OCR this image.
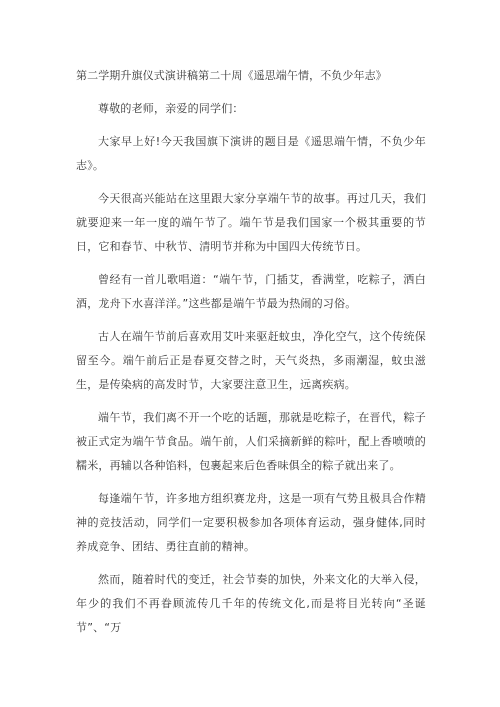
第二学期升旗仪式演讲稿第二十周《遥思端午情，不负少年志》

尊敬的老师，亲爱的同学们：

大家早上好!今天我国旗下演讲的题目是《遥思端午情，不负少年志》。

今天很高兴能站在这里跟大家分享端午节的故事。再过几天，我们就要迎来一年一度的端午节了。端午节是我们国家一个极其重要的节日，它和春节、中秋节、清明节并称为中国四大传统节日。

曾经有一首儿歌唱道：“端午节，门插艾，香满堂，吃粽子，洒白酒，龙舟下水喜洋洋。”这些都是端午节最为热闹的习俗。

古人在端午节前后喜欢用艾叶来驱赶蚊虫，净化空气，这个传统保留至今。端午前后正是春夏交替之时，天气炎热，多雨潮湿，蚊虫滋生，是传染病的高发时节，大家要注意卫生，远离疾病。

端午节，我们离不开一个吃的话题，那就是吃粽子，在晋代，粽子被正式定为端午节食品。端午前，人们采摘新鲜的粽叶，配上香喷喷的糯米，再辅以各种馅料，包裹起来后色香味俱全的粽子就出来了。

每逢端午节，许多地方组织赛龙舟，这是一项有气势且极具合作精神的竞技活动，同学们一定要积极参加各项体育运动，强身健体,同时养成竞争、团结、勇往直前的精神。

然而，随着时代的变迁，社会节奏的加快，外来文化的大举入侵，年少的我们不再眷顾流传几千年的传统文化,而是将目光转向“圣诞节”、“万
